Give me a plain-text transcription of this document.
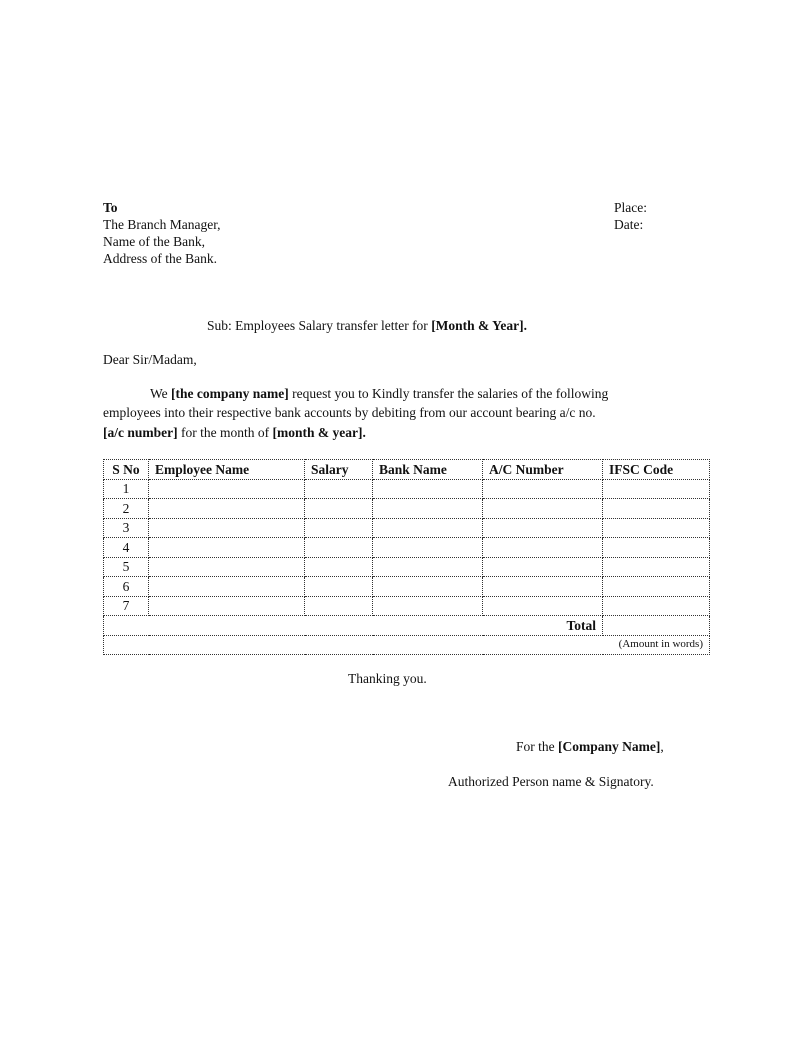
To
The Branch Manager,
Name of the Bank,
Address of the Bank.
Place:
Date:
Sub: Employees Salary transfer letter for [Month & Year].
Dear Sir/Madam,
We [the company name] request you to Kindly transfer the salaries of the following
employees into their respective bank accounts by debiting from our account bearing a/c no.
[a/c number] for the month of [month & year].
S No	Employee Name	Salary	Bank Name	A/C Number	IFSC Code
1					
2					
3					
4					
5					
6					
7					
Total					
(Amount in words)					
Thanking you.
For the [Company Name],
Authorized Person name & Signatory.
